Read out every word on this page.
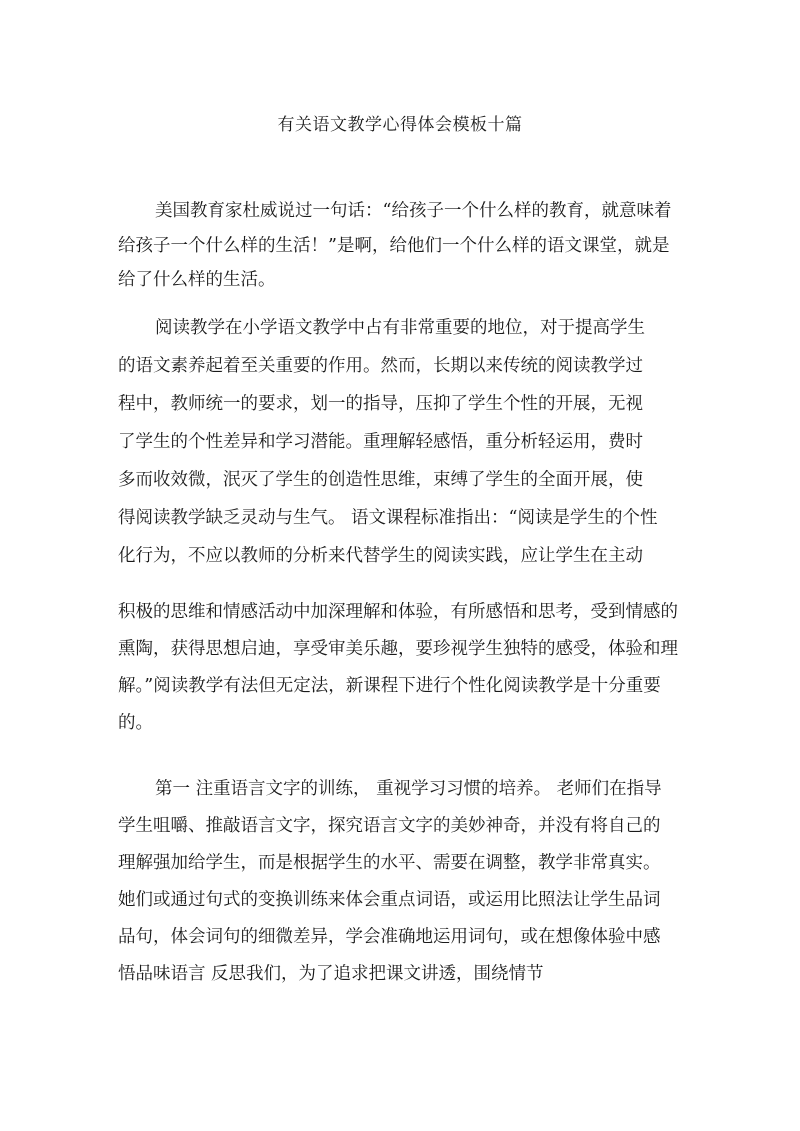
有关语文教学心得体会模板十篇
美国教育家杜威说过一句话：“给孩子一个什么样的教育，就意味着
给孩子一个什么样的生活！”是啊，给他们一个什么样的语文课堂，就是
给了什么样的生活。
阅读教学在小学语文教学中占有非常重要的地位，对于提高学生
的语文素养起着至关重要的作用。然而，长期以来传统的阅读教学过
程中，教师统一的要求，划一的指导，压抑了学生个性的开展，无视
了学生的个性差异和学习潜能。重理解轻感悟，重分析轻运用，费时
多而收效微，泯灭了学生的创造性思维，束缚了学生的全面开展，使
得阅读教学缺乏灵动与生气。 语文课程标准指出：“阅读是学生的个性
化行为，不应以教师的分析来代替学生的阅读实践，应让学生在主动
积极的思维和情感活动中加深理解和体验，有所感悟和思考，受到情感的
熏陶，获得思想启迪，享受审美乐趣，要珍视学生独特的感受，体验和理
解。”阅读教学有法但无定法，新课程下进行个性化阅读教学是十分重要
的。
第一 注重语言文字的训练， 重视学习习惯的培养。 老师们在指导
学生咀嚼、推敲语言文字，探究语言文字的美妙神奇，并没有将自己的
理解强加给学生，而是根据学生的水平、需要在调整，教学非常真实。
她们或通过句式的变换训练来体会重点词语，或运用比照法让学生品词
品句，体会词句的细微差异，学会准确地运用词句，或在想像体验中感
悟品味语言 反思我们，为了追求把课文讲透，围绕情节
